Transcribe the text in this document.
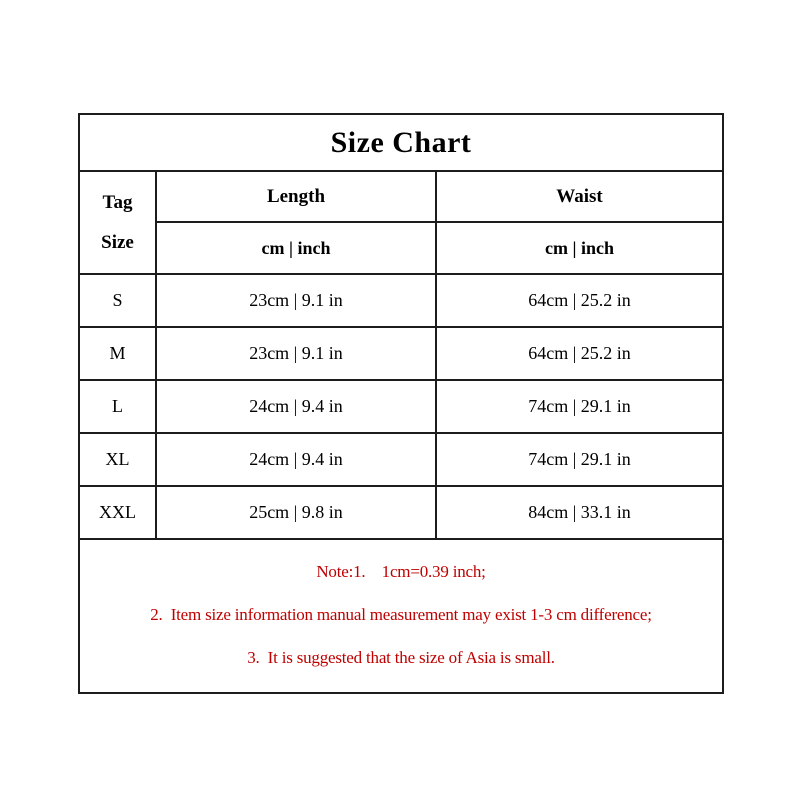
Size Chart		

Tag
Size	Length	Waist
	cm | inch	cm | inch
S	23cm | 9.1 in	64cm | 25.2 in
M	23cm | 9.1 in	64cm | 25.2 in
L	24cm | 9.4 in	74cm | 29.1 in
XL	24cm | 9.4 in	74cm | 29.1 in
XXL	25cm | 9.8 in	84cm | 33.1 in

Note:1.    1cm=0.39 inch;

2.  Item size information manual measurement may exist 1-3 cm difference;

3.  It is suggested that the size of Asia is small.		
